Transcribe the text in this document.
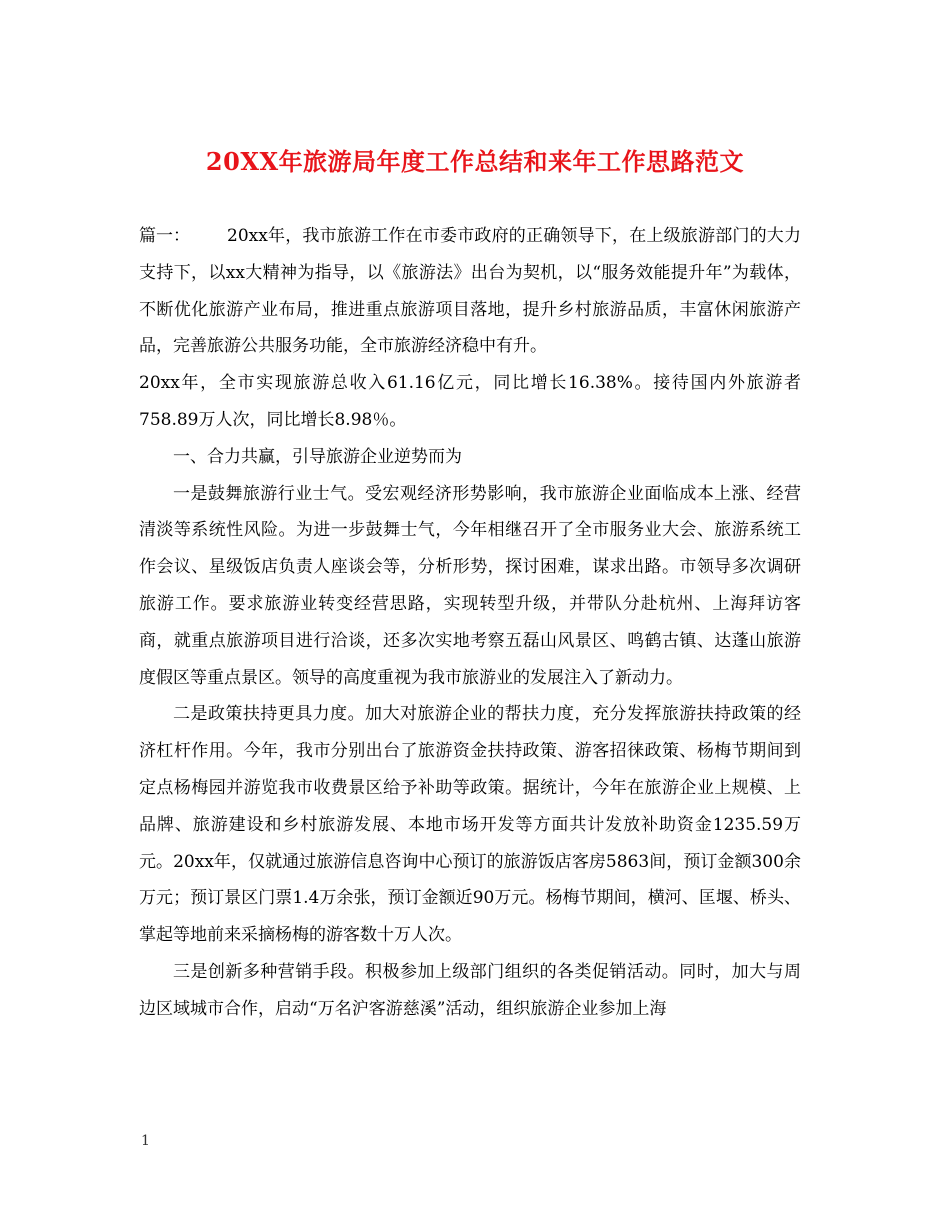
20XX年旅游局年度工作总结和来年工作思路范文

篇一： 20xx年，我市旅游工作在市委市政府的正确领导下，在上级旅游部门的大力支持下，以xx大精神为指导，以《旅游法》出台为契机，以“服务效能提升年”为载体，不断优化旅游产业布局，推进重点旅游项目落地，提升乡村旅游品质，丰富休闲旅游产品，完善旅游公共服务功能，全市旅游经济稳中有升。

20xx年，全市实现旅游总收入61.16亿元，同比增长16.38%。接待国内外旅游者758.89万人次，同比增长8.98％。

一、合力共赢，引导旅游企业逆势而为

一是鼓舞旅游行业士气。受宏观经济形势影响，我市旅游企业面临成本上涨、经营清淡等系统性风险。为进一步鼓舞士气，今年相继召开了全市服务业大会、旅游系统工作会议、星级饭店负责人座谈会等，分析形势，探讨困难，谋求出路。市领导多次调研旅游工作。要求旅游业转变经营思路，实现转型升级，并带队分赴杭州、上海拜访客商，就重点旅游项目进行洽谈，还多次实地考察五磊山风景区、鸣鹤古镇、达蓬山旅游度假区等重点景区。领导的高度重视为我市旅游业的发展注入了新动力。

二是政策扶持更具力度。加大对旅游企业的帮扶力度，充分发挥旅游扶持政策的经济杠杆作用。今年，我市分别出台了旅游资金扶持政策、游客招徕政策、杨梅节期间到定点杨梅园并游览我市收费景区给予补助等政策。据统计，今年在旅游企业上规模、上品牌、旅游建设和乡村旅游发展、本地市场开发等方面共计发放补助资金1235.59万元。20xx年，仅就通过旅游信息咨询中心预订的旅游饭店客房5863间，预订金额300余万元；预订景区门票1.4万余张，预订金额近90万元。杨梅节期间，横河、匡堰、桥头、掌起等地前来采摘杨梅的游客数十万人次。

三是创新多种营销手段。积极参加上级部门组织的各类促销活动。同时，加大与周边区域城市合作，启动“万名沪客游慈溪”活动，组织旅游企业参加上海

1
